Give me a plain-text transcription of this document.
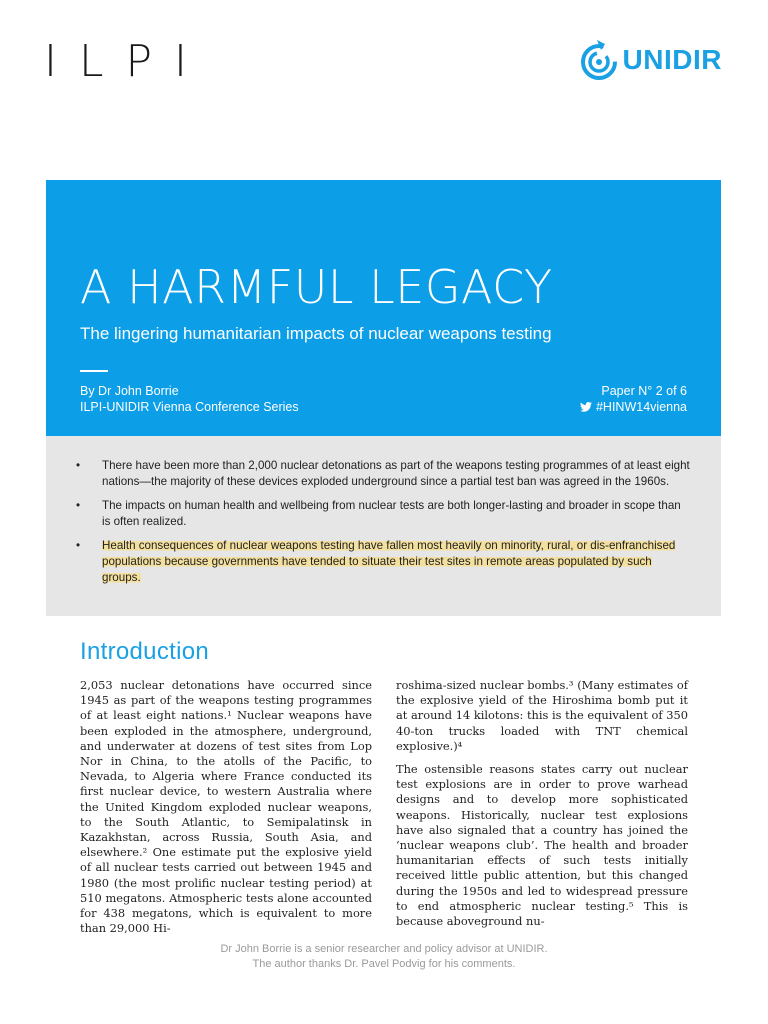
ILPI	UNIDIR
A HARMFUL LEGACY
The lingering humanitarian impacts of nuclear weapons testing
By Dr John Borrie
ILPI-UNIDIR Vienna Conference Series
Paper N° 2 of 6
#HINW14vienna
• There have been more than 2,000 nuclear detonations as part of the weapons testing programmes of at least eight nations—the majority of these devices exploded underground since a partial test ban was agreed in the 1960s.
• The impacts on human health and wellbeing from nuclear tests are both longer-lasting and broader in scope than is often realized.
• Health consequences of nuclear weapons testing have fallen most heavily on minority, rural, or dis-enfranchised populations because governments have tended to situate their test sites in remote areas populated by such groups.
Introduction

2,053 nuclear detonations have occurred since 1945 as part of the weapons testing programmes of at least eight nations.¹ Nuclear weapons have been exploded in the atmosphere, underground, and underwater at dozens of test sites from Lop Nor in China, to the atolls of the Pacific, to Nevada, to Algeria where France conducted its first nuclear device, to western Australia where the United Kingdom exploded nuclear weapons, to the South Atlantic, to Semipalatinsk in Kazakhstan, across Russia, South Asia, and elsewhere.² One estimate put the explosive yield of all nuclear tests carried out between 1945 and 1980 (the most prolific nuclear testing period) at 510 megatons. Atmospheric tests alone accounted for 438 megatons, which is equivalent to more than 29,000 Hi-

roshima-sized nuclear bombs.³ (Many estimates of the explosive yield of the Hiroshima bomb put it at around 14 kilotons: this is the equivalent of 350 40-ton trucks loaded with TNT chemical explosive.)⁴

The ostensible reasons states carry out nuclear test explosions are in order to prove warhead designs and to develop more sophisticated weapons. Historically, nuclear test explosions have also signaled that a country has joined the ‘nuclear weapons club’. The health and broader humanitarian effects of such tests initially received little public attention, but this changed during the 1950s and led to widespread pressure to end atmospheric nuclear testing.⁵ This is because aboveground nu-

Dr John Borrie is a senior researcher and policy advisor at UNIDIR.
The author thanks Dr. Pavel Podvig for his comments.
